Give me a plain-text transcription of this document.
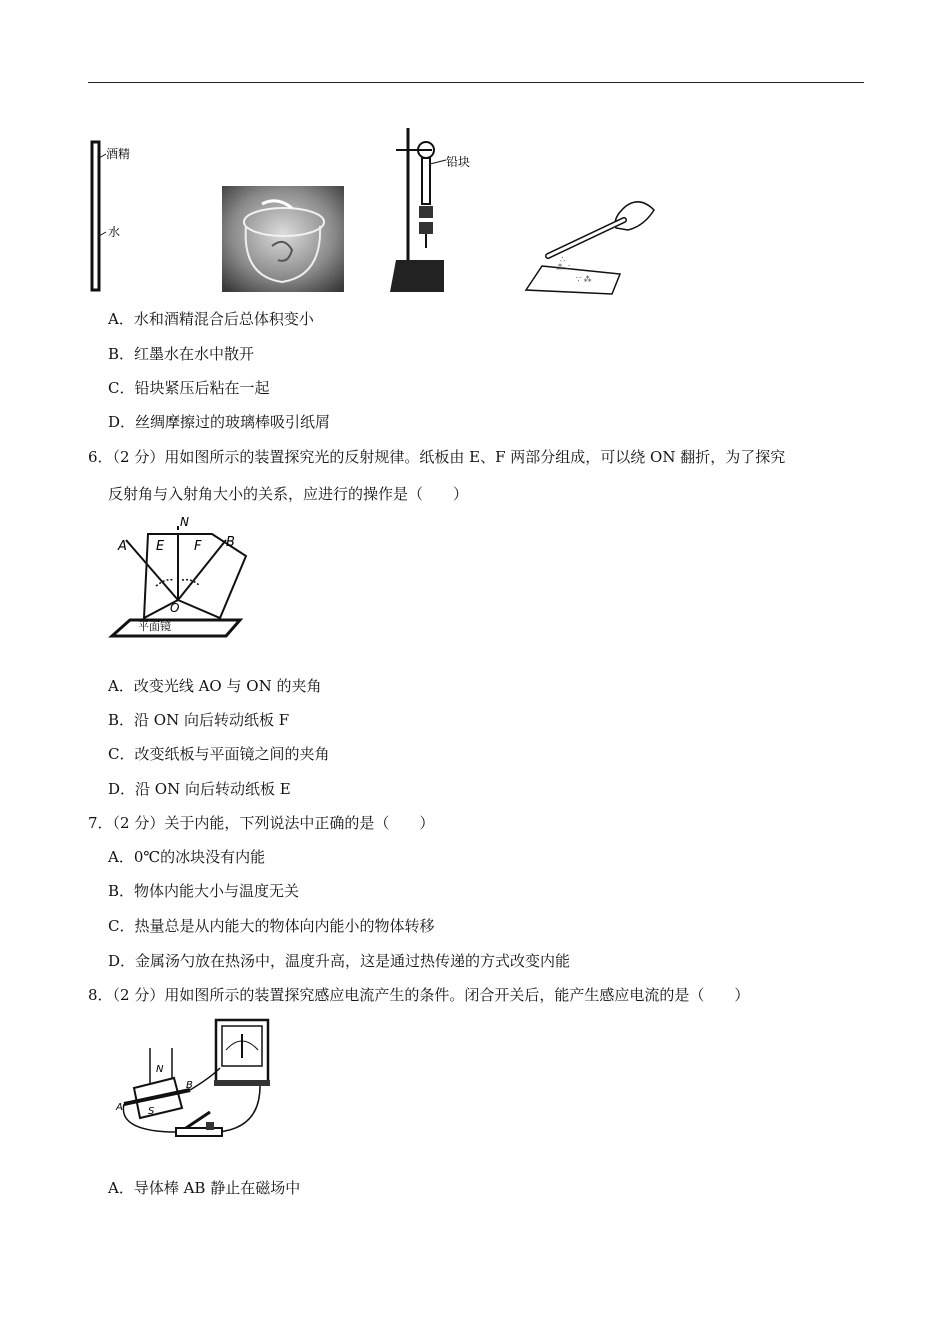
酒精
水
铅块
⁂ ∴
∵ ⁂
∴
A．水和酒精混合后总体积变小
B．红墨水在水中散开
C．铅块紧压后粘在一起
D．丝绸摩擦过的玻璃棒吸引纸屑
6．（2 分）用如图所示的装置探究光的反射规律。纸板由 E、F 两部分组成，可以绕 ON 翻折，为了探究
反射角与入射角大小的关系，应进行的操作是（　　）
A
N
E F B
O
平面镜
A．改变光线 AO 与 ON 的夹角
B．沿 ON 向后转动纸板 F
C．改变纸板与平面镜之间的夹角
D．沿 ON 向后转动纸板 E
7．（2 分）关于内能，下列说法中正确的是（　　）
A．0℃的冰块没有内能
B．物体内能大小与温度无关
C．热量总是从内能大的物体向内能小的物体转移
D．金属汤勺放在热汤中，温度升高，这是通过热传递的方式改变内能
8．（2 分）用如图所示的装置探究感应电流产生的条件。闭合开关后，能产生感应电流的是（　　）
N
S
A
B
A．导体棒 AB 静止在磁场中
